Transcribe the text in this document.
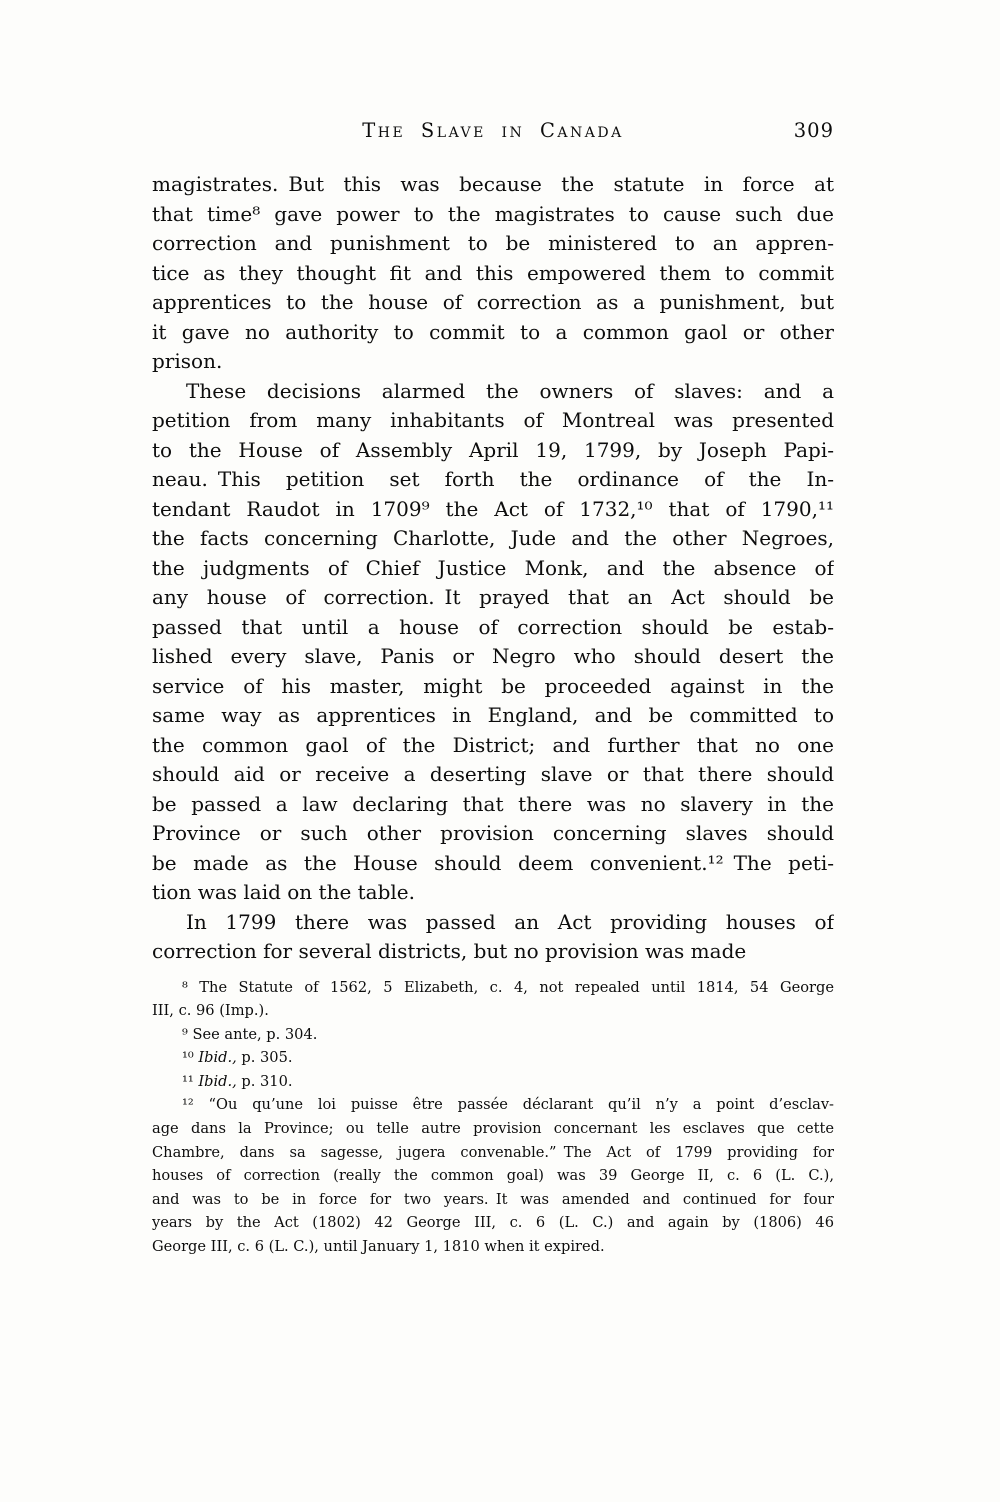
The Slave in Canada	309
magistrates. But this was because the statute in force at
that time⁸ gave power to the magistrates to cause such due
correction and punishment to be ministered to an appren-
tice as they thought fit and this empowered them to commit
apprentices to the house of correction as a punishment, but
it gave no authority to commit to a common gaol or other
prison.
These decisions alarmed the owners of slaves: and a
petition from many inhabitants of Montreal was presented
to the House of Assembly April 19, 1799, by Joseph Papi-
neau. This petition set forth the ordinance of the In-
tendant Raudot in 1709⁹ the Act of 1732,¹⁰ that of 1790,¹¹
the facts concerning Charlotte, Jude and the other Negroes,
the judgments of Chief Justice Monk, and the absence of
any house of correction. It prayed that an Act should be
passed that until a house of correction should be estab-
lished every slave, Panis or Negro who should desert the
service of his master, might be proceeded against in the
same way as apprentices in England, and be committed to
the common gaol of the District; and further that no one
should aid or receive a deserting slave or that there should
be passed a law declaring that there was no slavery in the
Province or such other provision concerning slaves should
be made as the House should deem convenient.¹² The peti-
tion was laid on the table.
In 1799 there was passed an Act providing houses of
correction for several districts, but no provision was made
⁸ The Statute of 1562, 5 Elizabeth, c. 4, not repealed until 1814, 54 George
III, c. 96 (Imp.).
⁹ See ante, p. 304.
¹⁰ Ibid., p. 305.
¹¹ Ibid., p. 310.
¹² “Ou qu’une loi puisse être passée déclarant qu’il n’y a point d’esclav-
age dans la Province; ou telle autre provision concernant les esclaves que cette
Chambre, dans sa sagesse, jugera convenable.” The Act of 1799 providing for
houses of correction (really the common goal) was 39 George II, c. 6 (L. C.),
and was to be in force for two years. It was amended and continued for four
years by the Act (1802) 42 George III, c. 6 (L. C.) and again by (1806) 46
George III, c. 6 (L. C.), until January 1, 1810 when it expired.
